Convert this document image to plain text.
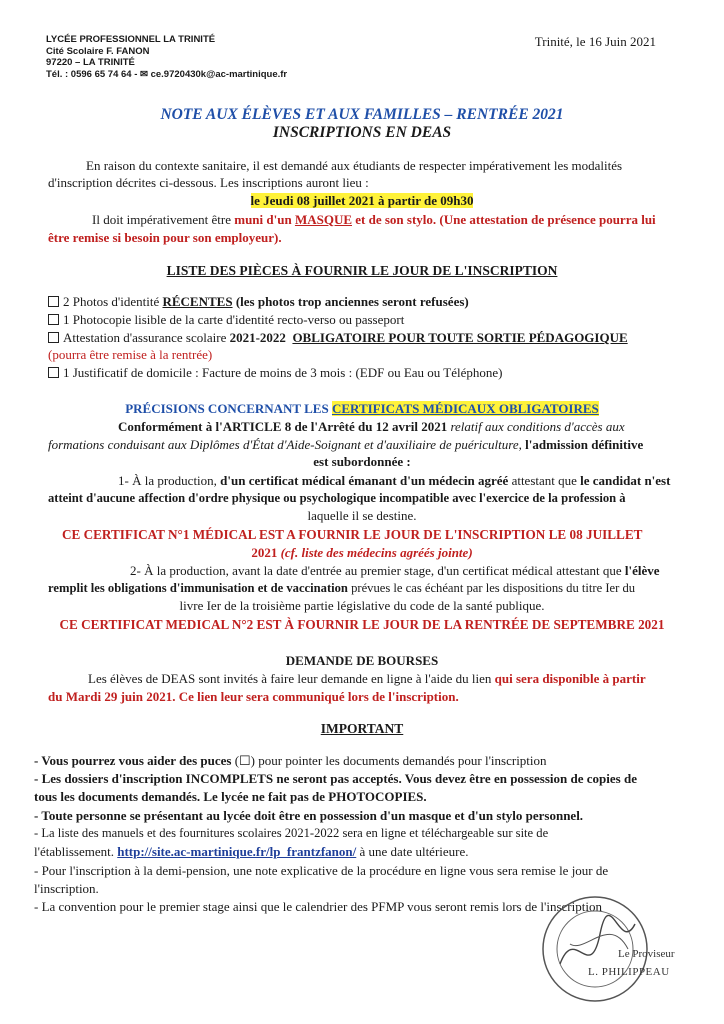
LYCÉE PROFESSIONNEL LA TRINITÉ
Cité Scolaire F. FANON
97220 – LA TRINITÉ
Tél. : 0596 65 74 64 - ✉ ce.9720430k@ac-martinique.fr
Trinité, le 16 Juin 2021
NOTE AUX ÉLÈVES ET AUX FAMILLES – RENTRÉE 2021
INSCRIPTIONS EN DEAS
En raison du contexte sanitaire, il est demandé aux étudiants de respecter impérativement les modalités
d'inscription décrites ci-dessous. Les inscriptions auront lieu :
le Jeudi 08 juillet 2021 à partir de 09h30
Il doit impérativement être muni d'un MASQUE et de son stylo. (Une attestation de présence pourra lui
être remise si besoin pour son employeur).
LISTE DES PIÈCES À FOURNIR LE JOUR DE L'INSCRIPTION
2 Photos d'identité RÉCENTES (les photos trop anciennes seront refusées)
1 Photocopie lisible de la carte d'identité recto-verso ou passeport
Attestation d'assurance scolaire 2021-2022 OBLIGATOIRE POUR TOUTE SORTIE PÉDAGOGIQUE
(pourra être remise à la rentrée)
1 Justificatif de domicile : Facture de moins de 3 mois : (EDF ou Eau ou Téléphone)
PRÉCISIONS CONCERNANT LES CERTIFICATS MÉDICAUX OBLIGATOIRES
Conformément à l'ARTICLE 8 de l'Arrêté du 12 avril 2021 relatif aux conditions d'accès aux
formations conduisant aux Diplômes d'État d'Aide-Soignant et d'auxiliaire de puériculture, l'admission définitive
est subordonnée :
1- À la production, d'un certificat médical émanant d'un médecin agréé attestant que le candidat n'est
atteint d'aucune affection d'ordre physique ou psychologique incompatible avec l'exercice de la profession à
laquelle il se destine.
CE CERTIFICAT N°1 MÉDICAL EST A FOURNIR LE JOUR DE L'INSCRIPTION LE 08 JUILLET
2021 (cf. liste des médecins agréés jointe)
2- À la production, avant la date d'entrée au premier stage, d'un certificat médical attestant que l'élève
remplit les obligations d'immunisation et de vaccination prévues le cas échéant par les dispositions du titre Ier du
livre Ier de la troisième partie législative du code de la santé publique.
CE CERTIFICAT MEDICAL N°2 EST À FOURNIR LE JOUR DE LA RENTRÉE DE SEPTEMBRE 2021
DEMANDE DE BOURSES
Les élèves de DEAS sont invités à faire leur demande en ligne à l'aide du lien qui sera disponible à partir
du Mardi 29 juin 2021. Ce lien leur sera communiqué lors de l'inscription.
IMPORTANT
- Vous pourrez vous aider des puces (☐) pour pointer les documents demandés pour l'inscription
- Les dossiers d'inscription INCOMPLETS ne seront pas acceptés. Vous devez être en possession de copies de
tous les documents demandés. Le lycée ne fait pas de PHOTOCOPIES.
- Toute personne se présentant au lycée doit être en possession d'un masque et d'un stylo personnel.
- La liste des manuels et des fournitures scolaires 2021-2022 sera en ligne et téléchargeable sur site de
l'établissement. http://site.ac-martinique.fr/lp_frantzfanon/ à une date ultérieure.
- Pour l'inscription à la demi-pension, une note explicative de la procédure en ligne vous sera remise le jour de
l'inscription.
- La convention pour le premier stage ainsi que le calendrier des PFMP vous seront remis lors de l'inscription
Le Proviseur
L. PHILIPPEAU
